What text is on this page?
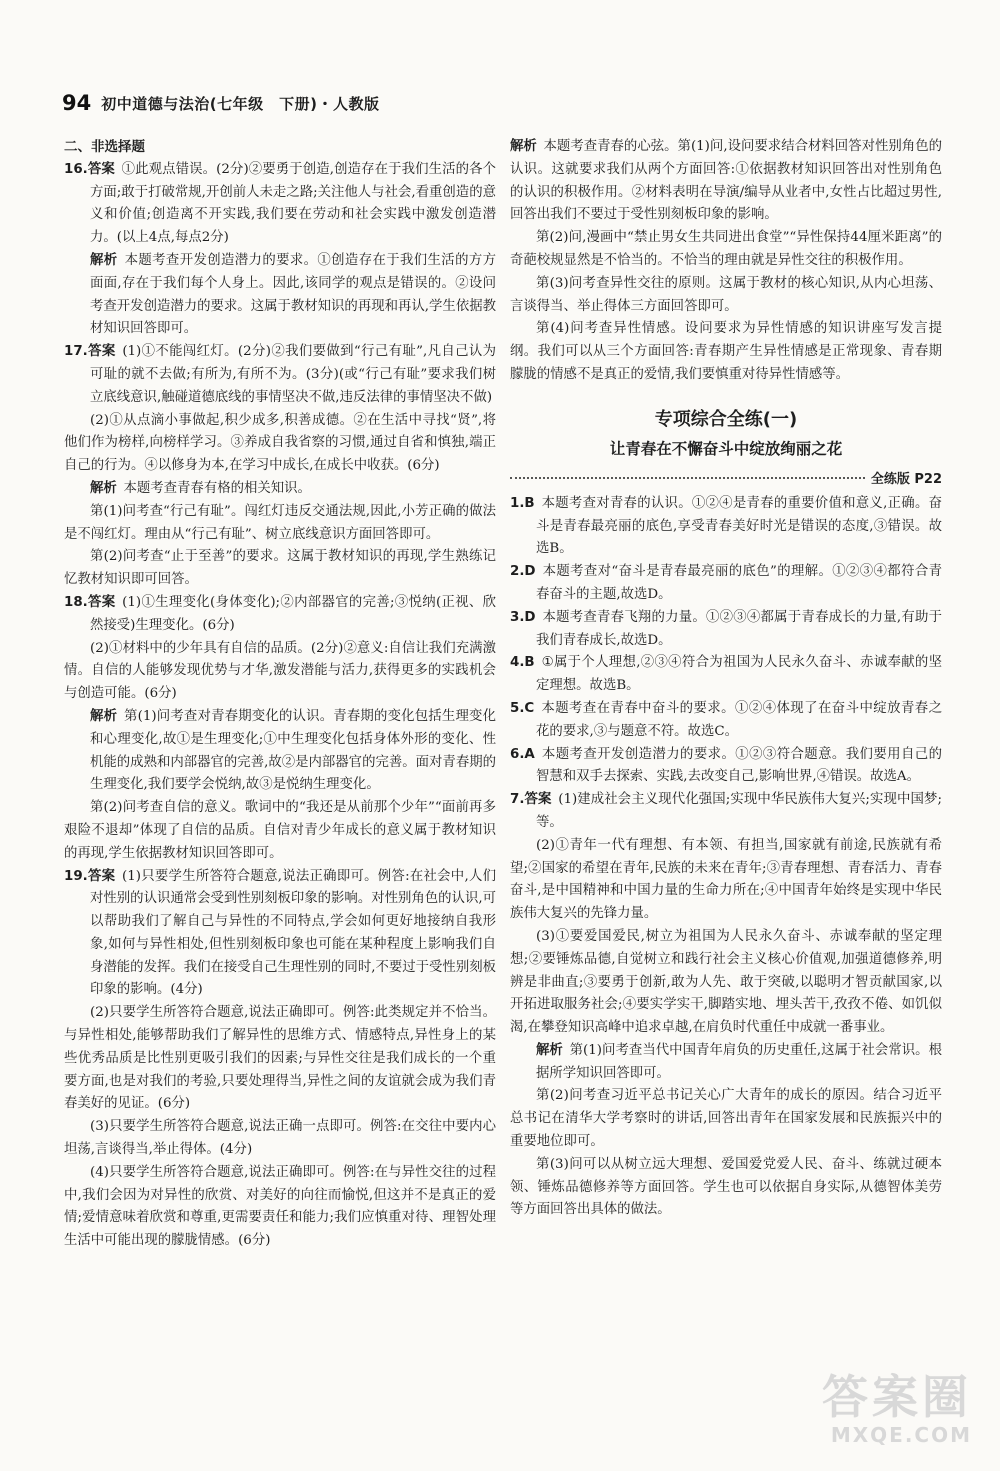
94 初中道德与法治(七年级　下册)・人教版
二、非选择题

16.答案  ①此观点错误。(2分)②要勇于创造,创造存在于我们生活的各个方面;敢于打破常规,开创前人未走之路;关注他人与社会,看重创造的意义和价值;创造离不开实践,我们要在劳动和社会实践中激发创造潜力。(以上4点,每点2分)

解析  本题考查开发创造潜力的要求。①创造存在于我们生活的方方面面,存在于我们每个人身上。因此,该同学的观点是错误的。②设问考查开发创造潜力的要求。这属于教材知识的再现和再认,学生依据教材知识回答即可。

17.答案  (1)①不能闯红灯。(2分)②我们要做到“行己有耻”,凡自己认为可耻的就不去做;有所为,有所不为。(3分)(或“行己有耻”要求我们树立底线意识,触碰道德底线的事情坚决不做,违反法律的事情坚决不做)

(2)①从点滴小事做起,积少成多,积善成德。②在生活中寻找“贤”,将他们作为榜样,向榜样学习。③养成自我省察的习惯,通过自省和慎独,端正自己的行为。④以修身为本,在学习中成长,在成长中收获。(6分)

解析  本题考查青春有格的相关知识。

第(1)问考查“行己有耻”。闯红灯违反交通法规,因此,小芳正确的做法是不闯红灯。理由从“行己有耻”、树立底线意识方面回答即可。

第(2)问考查“止于至善”的要求。这属于教材知识的再现,学生熟练记忆教材知识即可回答。

18.答案  (1)①生理变化(身体变化);②内部器官的完善;③悦纳(正视、欣然接受)生理变化。(6分)

(2)①材料中的少年具有自信的品质。(2分)②意义:自信让我们充满激情。自信的人能够发现优势与才华,激发潜能与活力,获得更多的实践机会与创造可能。(6分)

解析  第(1)问考查对青春期变化的认识。青春期的变化包括生理变化和心理变化,故①是生理变化;①中生理变化包括身体外形的变化、性机能的成熟和内部器官的完善,故②是内部器官的完善。面对青春期的生理变化,我们要学会悦纳,故③是悦纳生理变化。

第(2)问考查自信的意义。歌词中的“我还是从前那个少年”“面前再多艰险不退却”体现了自信的品质。自信对青少年成长的意义属于教材知识的再现,学生依据教材知识回答即可。

19.答案  (1)只要学生所答符合题意,说法正确即可。例答:在社会中,人们对性别的认识通常会受到性别刻板印象的影响。对性别角色的认识,可以帮助我们了解自己与异性的不同特点,学会如何更好地接纳自我形象,如何与异性相处,但性别刻板印象也可能在某种程度上影响我们自身潜能的发挥。我们在接受自己生理性别的同时,不要过于受性别刻板印象的影响。(4分)

(2)只要学生所答符合题意,说法正确即可。例答:此类规定并不恰当。与异性相处,能够帮助我们了解异性的思维方式、情感特点,异性身上的某些优秀品质是比性别更吸引我们的因素;与异性交往是我们成长的一个重要方面,也是对我们的考验,只要处理得当,异性之间的友谊就会成为我们青春美好的见证。(6分)

(3)只要学生所答符合题意,说法正确一点即可。例答:在交往中要内心坦荡,言谈得当,举止得体。(4分)

(4)只要学生所答符合题意,说法正确即可。例答:在与异性交往的过程中,我们会因为对异性的欣赏、对美好的向往而愉悦,但这并不是真正的爱情;爱情意味着欣赏和尊重,更需要责任和能力;我们应慎重对待、理智处理生活中可能出现的朦胧情感。(6分)

解析  本题考查青春的心弦。第(1)问,设问要求结合材料回答对性别角色的认识。这就要求我们从两个方面回答:①依据教材知识回答出对性别角色的认识的积极作用。②材料表明在导演/编导从业者中,女性占比超过男性,回答出我们不要过于受性别刻板印象的影响。

第(2)问,漫画中“禁止男女生共同进出食堂”“异性保持44厘米距离”的奇葩校规显然是不恰当的。不恰当的理由就是异性交往的积极作用。

第(3)问考查异性交往的原则。这属于教材的核心知识,从内心坦荡、言谈得当、举止得体三方面回答即可。

第(4)问考查异性情感。设问要求为异性情感的知识讲座写发言提纲。我们可以从三个方面回答:青春期产生异性情感是正常现象、青春期朦胧的情感不是真正的爱情,我们要慎重对待异性情感等。

专项综合全练(一)
让青春在不懈奋斗中绽放绚丽之花
全练版 P22

1.B  本题考查对青春的认识。①②④是青春的重要价值和意义,正确。奋斗是青春最亮丽的底色,享受青春美好时光是错误的态度,③错误。故选B。

2.D  本题考查对“奋斗是青春最亮丽的底色”的理解。①②③④都符合青春奋斗的主题,故选D。

3.D  本题考查青春飞翔的力量。①②③④都属于青春成长的力量,有助于我们青春成长,故选D。

4.B  ①属于个人理想,②③④符合为祖国为人民永久奋斗、赤诚奉献的坚定理想。故选B。

5.C  本题考查在青春中奋斗的要求。①②④体现了在奋斗中绽放青春之花的要求,③与题意不符。故选C。

6.A  本题考查开发创造潜力的要求。①②③符合题意。我们要用自己的智慧和双手去探索、实践,去改变自己,影响世界,④错误。故选A。

7.答案  (1)建成社会主义现代化强国;实现中华民族伟大复兴;实现中国梦;等。

(2)①青年一代有理想、有本领、有担当,国家就有前途,民族就有希望;②国家的希望在青年,民族的未来在青年;③青春理想、青春活力、青春奋斗,是中国精神和中国力量的生命力所在;④中国青年始终是实现中华民族伟大复兴的先锋力量。

(3)①要爱国爱民,树立为祖国为人民永久奋斗、赤诚奉献的坚定理想;②要锤炼品德,自觉树立和践行社会主义核心价值观,加强道德修养,明辨是非曲直;③要勇于创新,敢为人先、敢于突破,以聪明才智贡献国家,以开拓进取服务社会;④要实学实干,脚踏实地、埋头苦干,孜孜不倦、如饥似渴,在攀登知识高峰中追求卓越,在肩负时代重任中成就一番事业。

解析  第(1)问考查当代中国青年肩负的历史重任,这属于社会常识。根据所学知识回答即可。

第(2)问考查习近平总书记关心广大青年的成长的原因。结合习近平总书记在清华大学考察时的讲话,回答出青年在国家发展和民族振兴中的重要地位即可。

第(3)问可以从树立远大理想、爱国爱党爱人民、奋斗、练就过硬本领、锤炼品德修养等方面回答。学生也可以依据自身实际,从德智体美劳等方面回答出具体的做法。

答案圈
MXQE.COM
